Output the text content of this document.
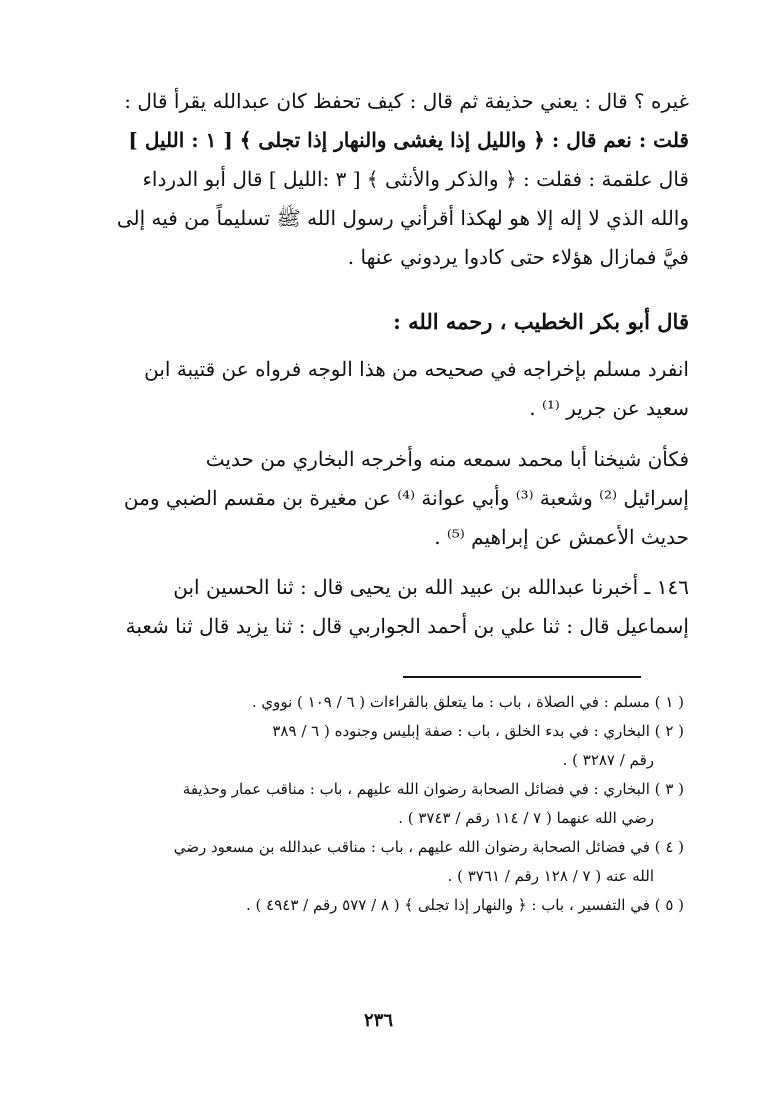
غيره ؟ قال : يعني حذيفة ثم قال : كيف تحفظ كان عبدالله يقرأ قال :
قلت : نعم قال : ﴿ والليل إذا يغشى والنهار إذا تجلى ﴾ [ ١ : الليل ]
قال علقمة : فقلت : ﴿ والذكر والأنثى ﴾ [ ٣ :الليل ] قال أبو الدرداء
والله الذي لا إله إلا هو لهكذا أقرأني رسول الله ﷺ تسليماً من فيه إلى
فيَّ فمازال هؤلاء حتى كادوا يردوني عنها .
قال أبو بكر الخطيب ، رحمه الله :
انفرد مسلم بإخراجه في صحيحه من هذا الوجه فرواه عن قتيبة ابن
سعيد عن جرير ⁽¹⁾ .
فكأن شيخنا أبا محمد سمعه منه وأخرجه البخاري من حديث
إسرائيل ⁽²⁾ وشعبة ⁽³⁾ وأبي عوانة ⁽⁴⁾ عن مغيرة بن مقسم الضبي ومن
حديث الأعمش عن إبراهيم ⁽⁵⁾ .
١٤٦ ـ أخبرنا عبدالله بن عبيد الله بن يحيى قال : ثنا الحسين ابن
إسماعيل قال : ثنا علي بن أحمد الجواربي قال : ثنا يزيد قال ثنا شعبة
( ١ ) مسلم : في الصلاة ، باب : ما يتعلق بالقراءات ( ٦ / ١٠٩ ) نووي .
( ٢ ) البخاري : في بدء الخلق ، باب : صفة إبليس وجنوده ( ٦ / ٣٨٩
رقم / ٣٢٨٧ ) .
( ٣ ) البخاري : في فضائل الصحابة رضوان الله عليهم ، باب : مناقب عمار وحذيفة
رضي الله عنهما ( ٧ / ١١٤ رقم / ٣٧٤٣ ) .
( ٤ ) في فضائل الصحابة رضوان الله عليهم ، باب : مناقب عبدالله بن مسعود رضي
الله عنه ( ٧ / ١٢٨ رقم / ٣٧٦١ ) .
( ٥ ) في التفسير ، باب : ﴿ والنهار إذا تجلى ﴾ ( ٨ / ٥٧٧ رقم / ٤٩٤٣ ) .
٢٣٦
